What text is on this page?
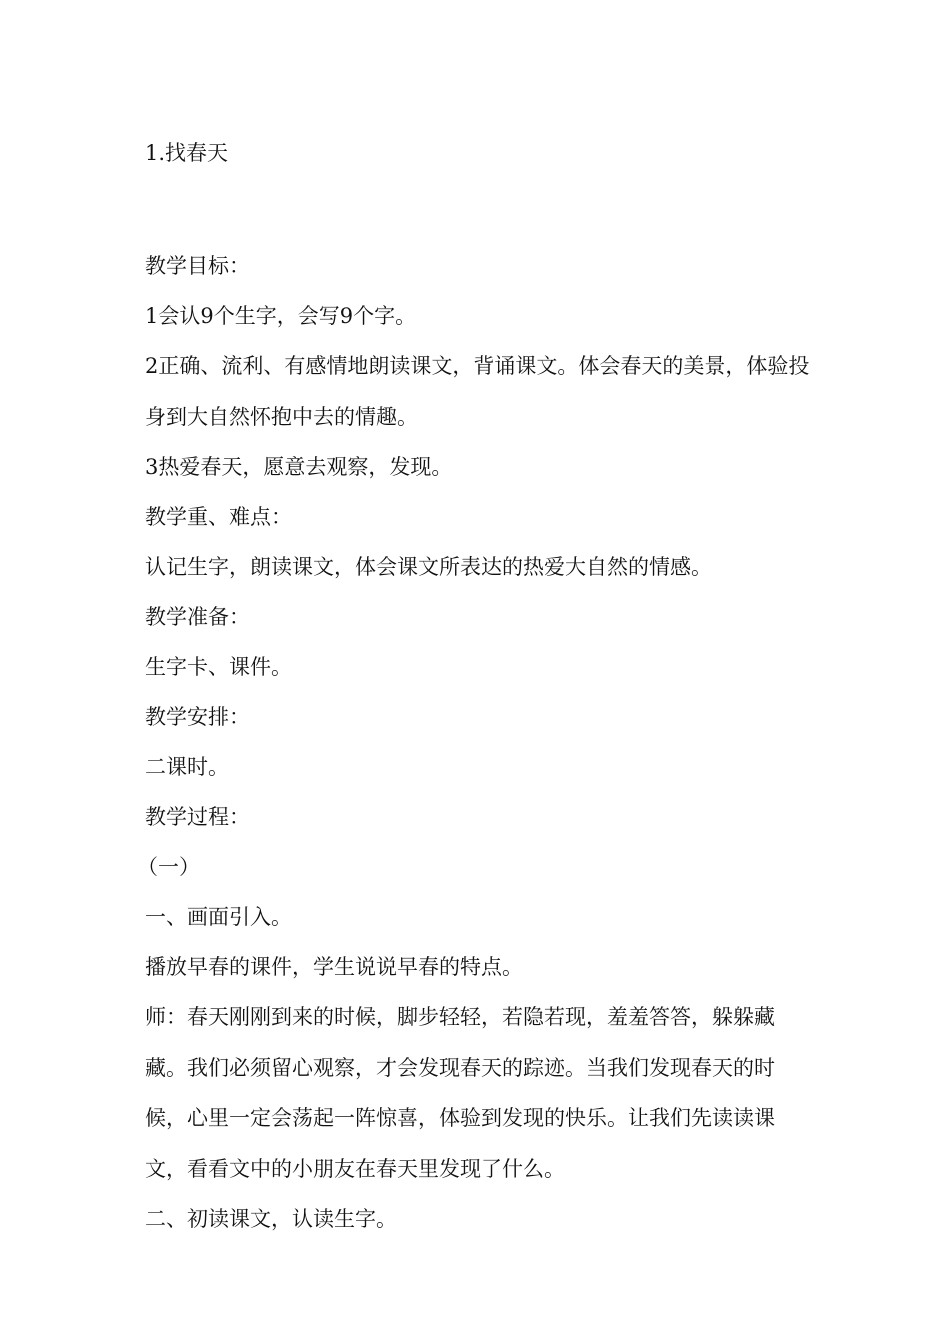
1.找春天

教学目标：

1会认9个生字，会写9个字。

2正确、流利、有感情地朗读课文，背诵课文。体会春天的美景，体验投身到大自然怀抱中去的情趣。

3热爱春天，愿意去观察，发现。

教学重、难点：

认记生字，朗读课文，体会课文所表达的热爱大自然的情感。

教学准备：

生字卡、课件。

教学安排：

二课时。

教学过程：

（一）

一、画面引入。

播放早春的课件，学生说说早春的特点。

师：春天刚刚到来的时候，脚步轻轻，若隐若现，羞羞答答，躲躲藏藏。我们必须留心观察，才会发现春天的踪迹。当我们发现春天的时候，心里一定会荡起一阵惊喜，体验到发现的快乐。让我们先读读课文，看看文中的小朋友在春天里发现了什么。

二、初读课文，认读生字。
